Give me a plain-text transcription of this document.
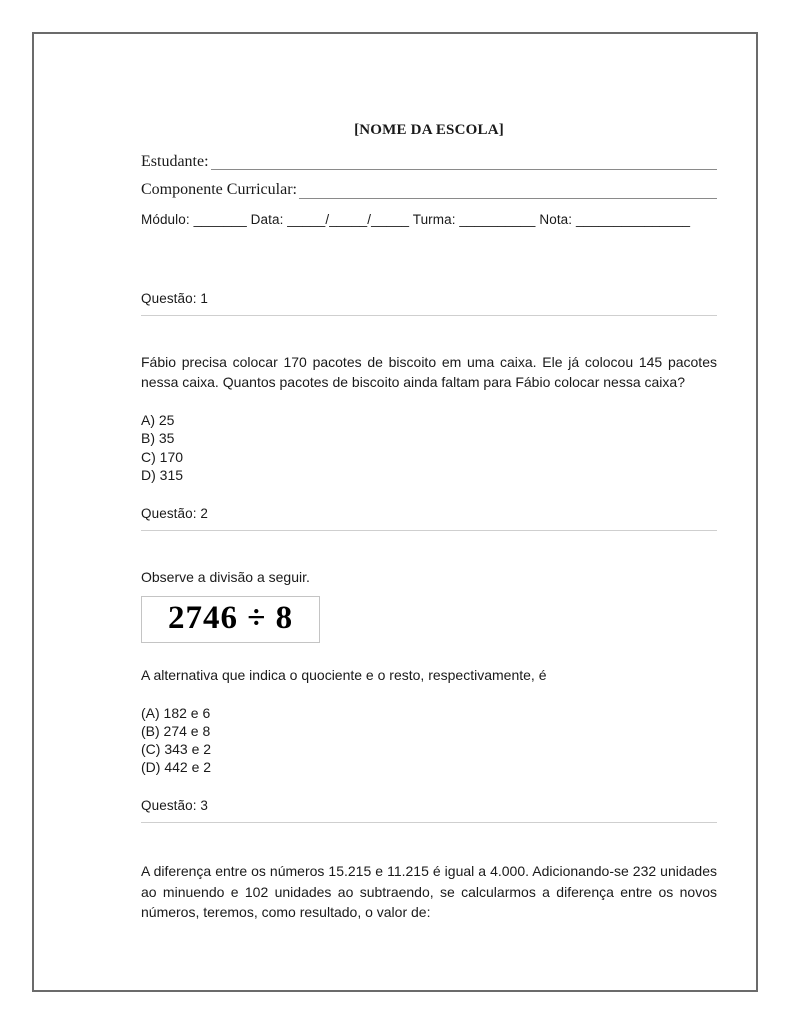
[NOME DA ESCOLA]
Estudante:
Componente Curricular:
Módulo: _______ Data: _____/_____/_____ Turma: __________ Nota: _______________
Questão: 1
Fábio precisa colocar 170 pacotes de biscoito em uma caixa. Ele já colocou 145 pacotes nessa caixa. Quantos pacotes de biscoito ainda faltam para Fábio colocar nessa caixa?
A) 25
B) 35
C) 170
D) 315
Questão: 2
Observe a divisão a seguir.
2746 ÷ 8
A alternativa que indica o quociente e o resto, respectivamente, é
(A) 182 e 6
(B) 274 e 8
(C) 343 e 2
(D) 442 e 2
Questão: 3
A diferença entre os números 15.215 e 11.215 é igual a 4.000. Adicionando-se 232 unidades ao minuendo e 102 unidades ao subtraendo, se calcularmos a diferença entre os novos números, teremos, como resultado, o valor de:
